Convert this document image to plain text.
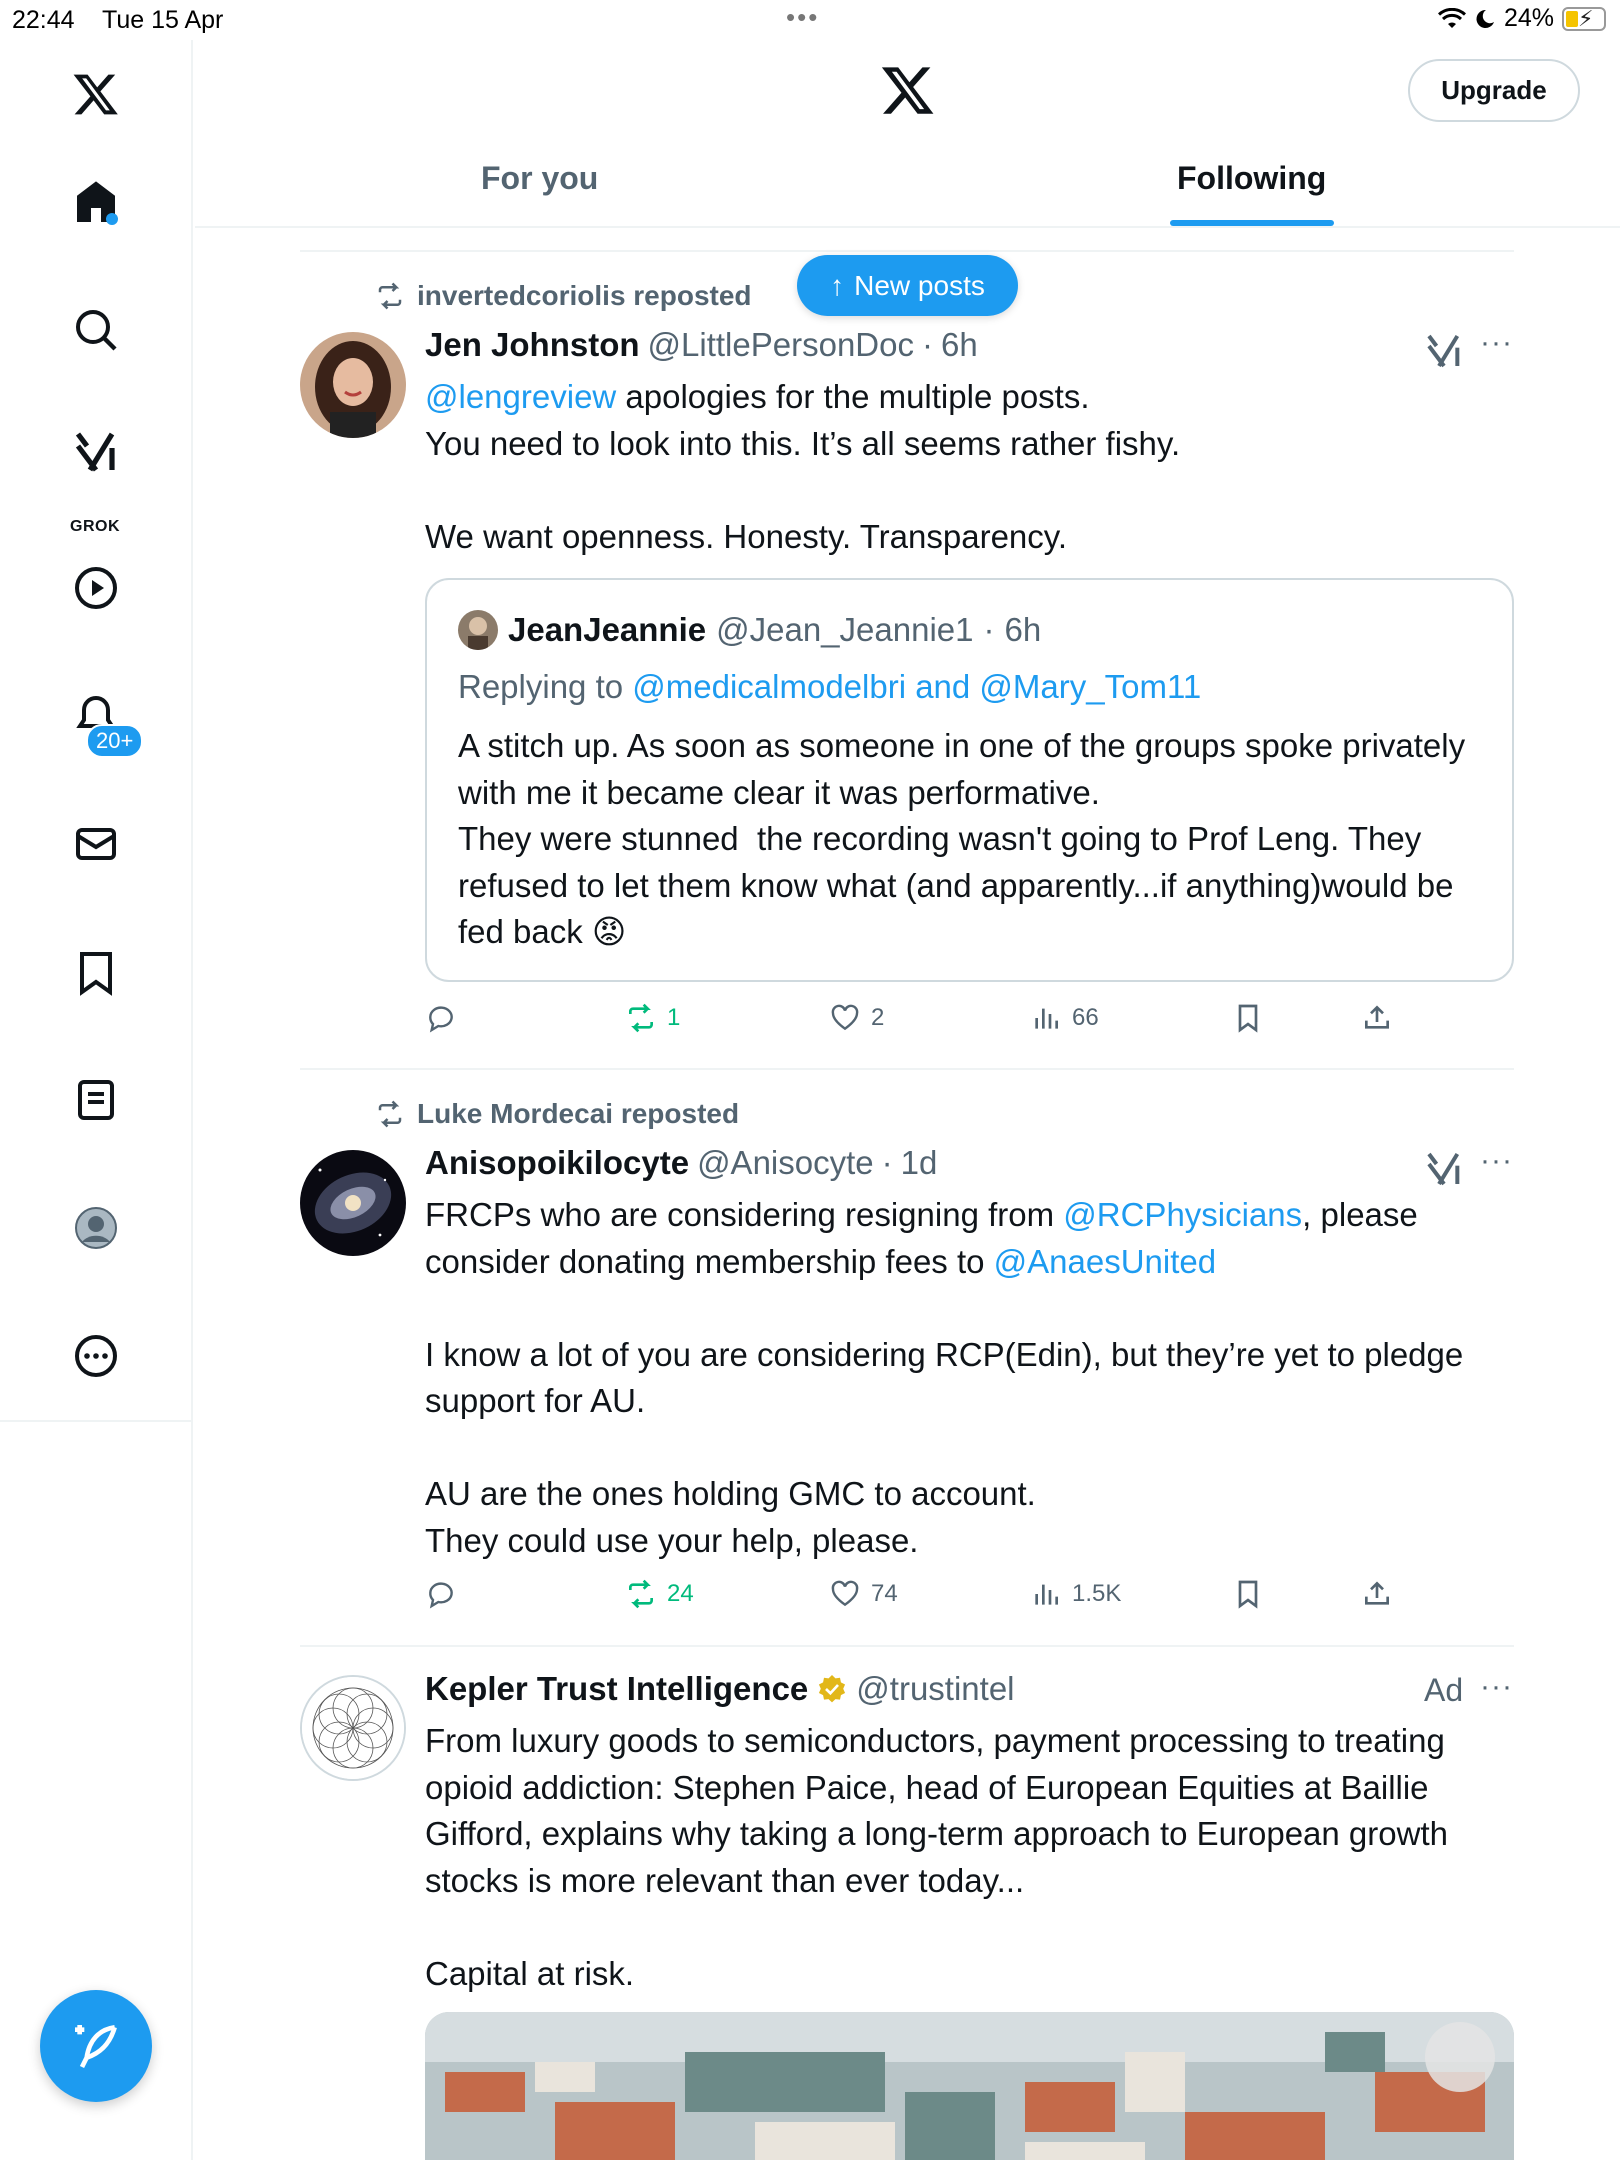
22:44 Tue 15 Apr	•••	24% ⚡
GROK
20+
Upgrade
For you	Following
↑ New posts
invertedcoriolis reposted
Jen Johnston @LittlePersonDoc · 6h	···
@lengreview apologies for the multiple posts.
You need to look into this. It’s all seems rather fishy.

We want openness. Honesty. Transparency.
JeanJeannie @Jean_Jeannie1 · 6h
Replying to @medicalmodelbri and @Mary_Tom11
A stitch up. As soon as someone in one of the groups spoke privately with me it became clear it was performative.
They were stunned  the recording wasn't going to Prof Leng. They refused to let them know what (and apparently...if anything)would be fed back 😡
1	2	66
Luke Mordecai reposted
Anisopoikilocyte @Anisocyte · 1d	···
FRCPs who are considering resigning from @RCPhysicians, please consider donating membership fees to @AnaesUnited

I know a lot of you are considering RCP(Edin), but they’re yet to pledge support for AU.

AU are the ones holding GMC to account.
They could use your help, please.
24	74	1.5K
Kepler Trust Intelligence @trustintel	Ad ···
From luxury goods to semiconductors, payment processing to treating opioid addiction: Stephen Paice, head of European Equities at Baillie Gifford, explains why taking a long-term approach to European growth stocks is more relevant than ever today...

Capital at risk.
